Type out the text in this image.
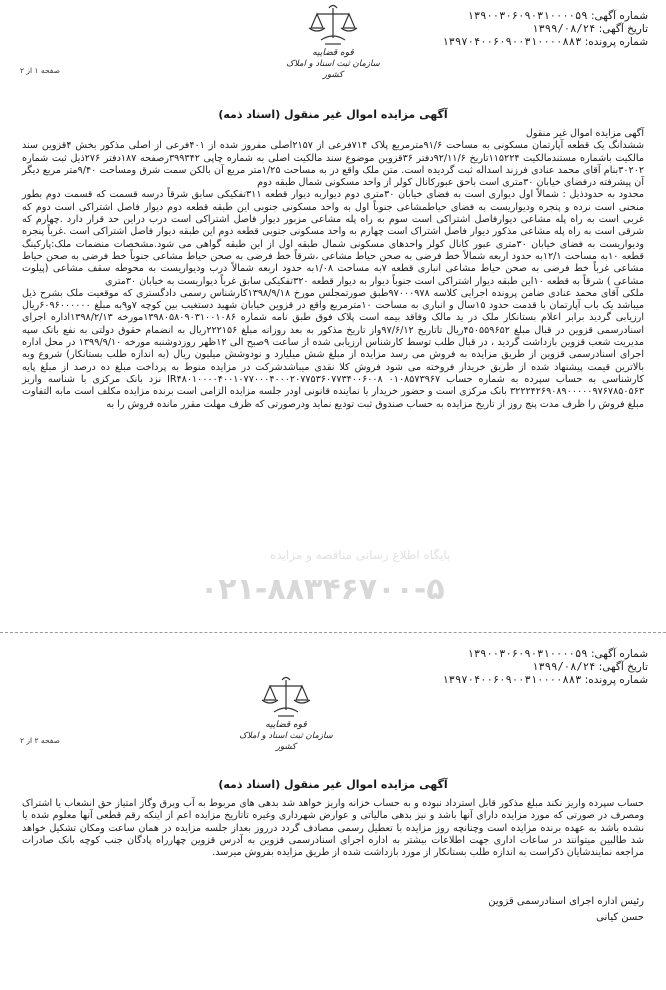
شماره آگهی: ۱۳۹۰۰۳۰۶۰۹۰۳۱۰۰۰۰۵۹
تاریخ آگهی: ۱۳۹۹/۰۸/۲۴
شماره پرونده: ۱۳۹۷۰۴۰۰۶۰۹۰۰۳۱۰۰۰۰۸۸۳
قوه قضاییه
سازمان ثبت اسناد و املاک کشور
صفحه ۱ از ۲
آگهی مزایده اموال غیر منقول (اسناد ذمه)

آگهی مزایده اموال غیر منقول

ششدانگ یک قطعه آپارتمان مسکونی به مساحت ۹۱/۶مترمربع پلاک ۷۱۴فرعی از ۲۱۵۷اصلی مفروز شده از ۴۰۱فرعی از اصلی مذکور بخش ۴قزوین سند مالکیت باشماره مستندمالکیت ۱۱۵۲۲۴تاریخ ۹۲/۱۱/۶دفتر ۳۶قزوین موضوع سند مالکیت اصلی به شماره چاپی ۳۹۹۳۴۲رصفحه ۱۸۷دفتر ۲۷۶ذیل ثبت شماره ۳۰۲۰۲بنام آقای محمد عنادی فرزند اسداله ثبت گردیده است. متن ملک واقع در به مساحت ۱/۲۵متر مربع آن بالکن سمت شرق ومساحت ۹/۴۰متر مربع دیگر آن پیشرفته درفضای خیابان ۳۰متری است باحق عبورکانال کولر از واحد مسکونی شمال طبقه دوم

محدود به حدودذیل : شمالاً اول دیواری است به فضای خیابان ۳۰متری دوم دیواربه دیوار قطعه ۳۱۱تفکیکی سابق شرقاً درسه قسمت که قسمت دوم بطور منحنی است نرده و پنجره ودیواریست به فضای حیاطمشاعی جنوباً اول به واحد مسکونی جنوبی این طبقه قطعه دوم دیوار فاصل اشتراکی است دوم که غربی است به راه پله مشاعی دیوارفاصل اشتراکی است سوم به راه پله مشاعی مزبور دیوار فاصل اشتراکی است درب دراین حد قرار دارد .چهارم که شرقی است به راه پله مشاعی مذکور دیوار فاصل اشتراک است چهارم به واحد مسکونی جنوبی قطعه دوم این طبقه دیوار فاصل اشتراکی است .غرباً پنجره ودیواریست به فضای خیابان ۳۰متری عبور کانال کولر واحدهای مسکونی شمال طبقه اول از این طبقه گواهی می شود.مشخصات منضمات ملک:پارکینگ قطعه ۱۰به مساحت ۱۲/۱به حدود اربعه شمالاً خط فرضی به صحن حیاط مشاعی ،شرقاً خط فرضی به صحن حیاط مشاعی جنوباً خط فرضی به صحن حیاط مشاعی غرباً خط فرضی به صحن حیاط مشاعی انباری قطعه ۷به مساحت ۱/۰۸به حدود اربعه شمالاً درب ودیواریست به محوطه سقف مشاعی (پیلوت مشاعی ) شرقاً به قطعه ۱۰این طبقه دیوار اشتراکی است جنوباً دیوار به دیوار قطعه ۳۲۰تفکیکی سابق غرباً دیواریست به خیابان ۳۰متری

ملکی آقای محمد عنادی ضامن پرونده اجرایی کلاسه ۹۷۰۰۰۹۷۸طبق صورتمجلس مورخ ۱۳۹۸/۹/۱۸کارشناس رسمی دادگستری که موقعیت ملک بشرح ذیل میباشد یک باب آپارتمان با قدمت حدود ۱۵سال و انباری به مساحت ۱۰مترمربع واقع در قزوین خیابان شهید دستغیب بین کوچه ۷و۹به مبلغ ۶۰۹۶۰۰۰۰۰۰ریال ارزیابی گردید برابر اعلام بستانکار ملک در ید مالک وفاقد بیمه است پلاک فوق طبق نامه شماره ۱۳۹۸۰۵۸۰۹۰۳۱۰۰۱۰۸۶مورخه ۱۳۹۸/۲/۱۳اداره اجرای اسنادرسمی قزوین در قبال مبلغ ۴۵۰۵۵۹۶۵۲ریال تاتاریخ ۹۷/۶/۱۲واز تاریخ مذکور به بعد روزانه مبلغ ۲۲۲۱۵۶ریال به انضمام حقوق دولتی به نفع بانک سپه مدیریت شعب قزوین بازداشت گردید ، در قبال طلب توسط کارشناس ارزیابی شده از ساعت ۹صبح الی ۱۲ظهر روزدوشنبه مورخه ۱۳۹۹/۹/۱۰ در محل اداره اجرای اسنادرسمی قزوین از طریق مزایده به فروش می رسد مزایده از مبلغ شش میلیارد و نودوشش میلیون ریال (به اندازه طلب بستانکار) شروع وبه بالاترین قیمت پیشنهاد شده از طریق خریدار فروخته می شود فروش کلا نقدی میباشدشرکت در مزایده منوط به پرداخت مبلغ ده درصد از مبلغ پایه کارشناسی به حساب سپرده به شماره حساب ۰۱۰۸۵۷۳۹۶۷ IR۴۸۰۱۰۰۰۰۴۰۰۱۰۷۷۰۰۰۴۰۰۰۲۰۷۷۵۳۶۰۷۷۳۴۰۰۶۰۰۸ نزد بانک مرکزی با شناسه واریز ۳۲۲۲۴۲۶۹۰۸۹۰۰۰۰۰۹۷۶۷۸۵۰۵۶۳ بانک مرکزی است و حضور خریدار یا نماینده قانونی اودر جلسه مزایده الزامی است برنده مزایده مکلف است مابه التفاوت مبلغ فروش را ظرف مدت پنج روز از تاریخ مزایده به حساب صندوق ثبت تودیع نماید ودرصورتی که ظرف مهلت مقرر مانده فروش را به

۰۲۱-۸۸۳۴۶۷۰۰-۵
پایگاه اطلاع رسانی مناقصه و مزایده
شماره آگهی: ۱۳۹۰۰۳۰۶۰۹۰۳۱۰۰۰۰۵۹
تاریخ آگهی: ۱۳۹۹/۰۸/۲۴
شماره پرونده: ۱۳۹۷۰۴۰۰۶۰۹۰۰۳۱۰۰۰۰۸۸۳
قوه قضاییه
سازمان ثبت اسناد و املاک کشور
صفحه ۲ از ۲
آگهی مزایده اموال غیر منقول (اسناد ذمه)

حساب سپرده واریز نکند مبلغ مذکور قابل استرداد نبوده و به حساب خزانه واریز خواهد شد بدهی های مربوط به آب وبرق وگاز امتیاز حق انشعاب یا اشتراک ومصرف در صورتی که مورد مزایده دارای آنها باشد و نیز بدهی مالیاتی و عوارض شهرداری وغیره تاتاریخ مزایده اعم از اینکه رقم قطعی آنها معلوم شده یا نشده باشد به عهده برنده مزایده است وچنانچه روز مزایده با تعطیل رسمی مصادف گردد درروز بعداز جلسه مزایده در همان ساعت ومکان تشکیل خواهد شد طالبین میتوانند در ساعات اداری جهت اطلاعات بیشتر به اداره اجرای اسنادرسمی قزوین به آدرس قزوین چهارراه پادگان جنب کوچه بانک صادرات مراجعه نمایندشایان ذکراست به اندازه طلب بستانکار از مورد بازداشت شده از طریق مزایده بفروش میرسد.

رئیس اداره اجرای اسنادرسمی قزوین
حسن کیانی
